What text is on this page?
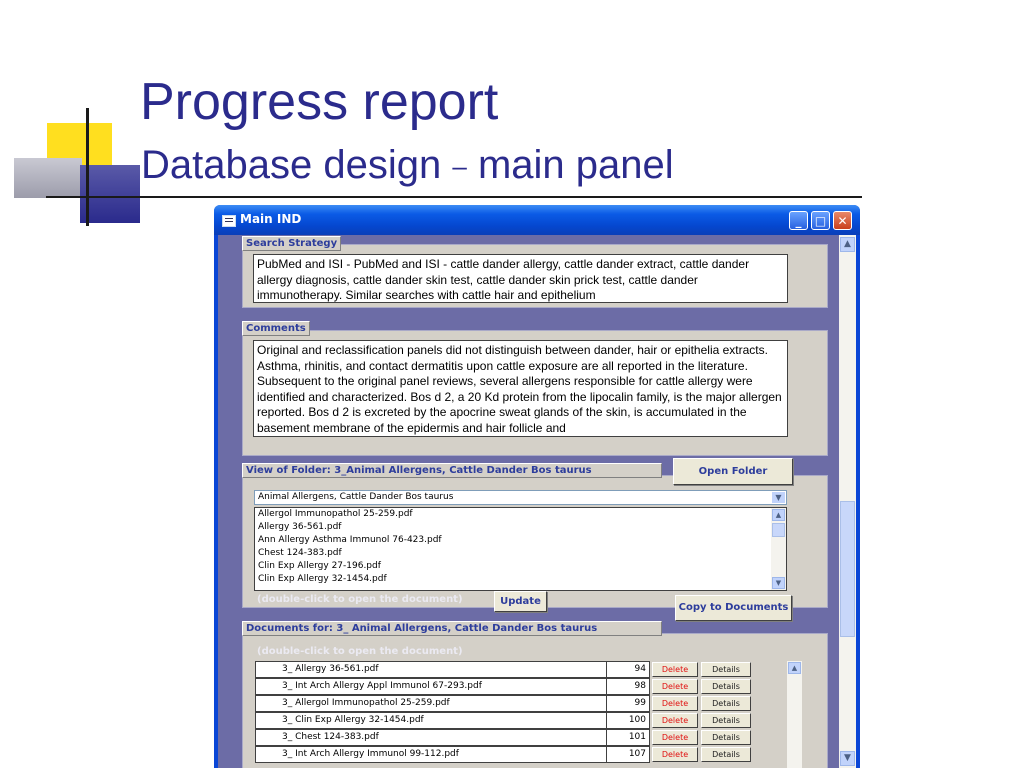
Progress report
Database design – main panel
Main IND	_	□ ✕
Search Strategy
PubMed and ISI - PubMed and ISI - cattle dander allergy, cattle dander extract, cattle dander allergy diagnosis, cattle dander skin test, cattle dander skin prick test, cattle dander immunotherapy. Similar searches with cattle hair and epithelium
Comments
Original and reclassification panels did not distinguish between dander, hair or epithelia extracts. Asthma, rhinitis, and contact dermatitis upon cattle exposure are all reported in the literature. Subsequent to the original panel reviews, several allergens responsible for cattle allergy were identified and characterized. Bos d 2, a 20 Kd protein from the lipocalin family, is the major allergen reported. Bos d 2 is excreted by the apocrine sweat glands of the skin, is accumulated in the basement membrane of the epidermis and hair follicle and
View of Folder: 3_Animal Allergens, Cattle Dander Bos taurus	Open Folder
Animal Allergens, Cattle Dander Bos taurus	▼
Allergol Immunopathol 25-259.pdf
Allergy 36-561.pdf
Ann Allergy Asthma Immunol 76-423.pdf
Chest 124-383.pdf
Clin Exp Allergy 27-196.pdf
Clin Exp Allergy 32-1454.pdf
▲
▼
(double-click to open the document)	Update
Copy to Documents
Documents for: 3_ Animal Allergens, Cattle Dander Bos taurus
(double-click to open the document)
3_ Allergy 36-561.pdf	94	Delete	Details
3_ Int Arch Allergy Appl Immunol 67-293.pdf	98	Delete	Details
3_ Allergol Immunopathol 25-259.pdf	99	Delete	Details
3_ Clin Exp Allergy 32-1454.pdf	100	Delete	Details
3_ Chest 124-383.pdf	101	Delete	Details
3_ Int Arch Allergy Immunol 99-112.pdf	107	Delete	Details
▲
▲
▼
